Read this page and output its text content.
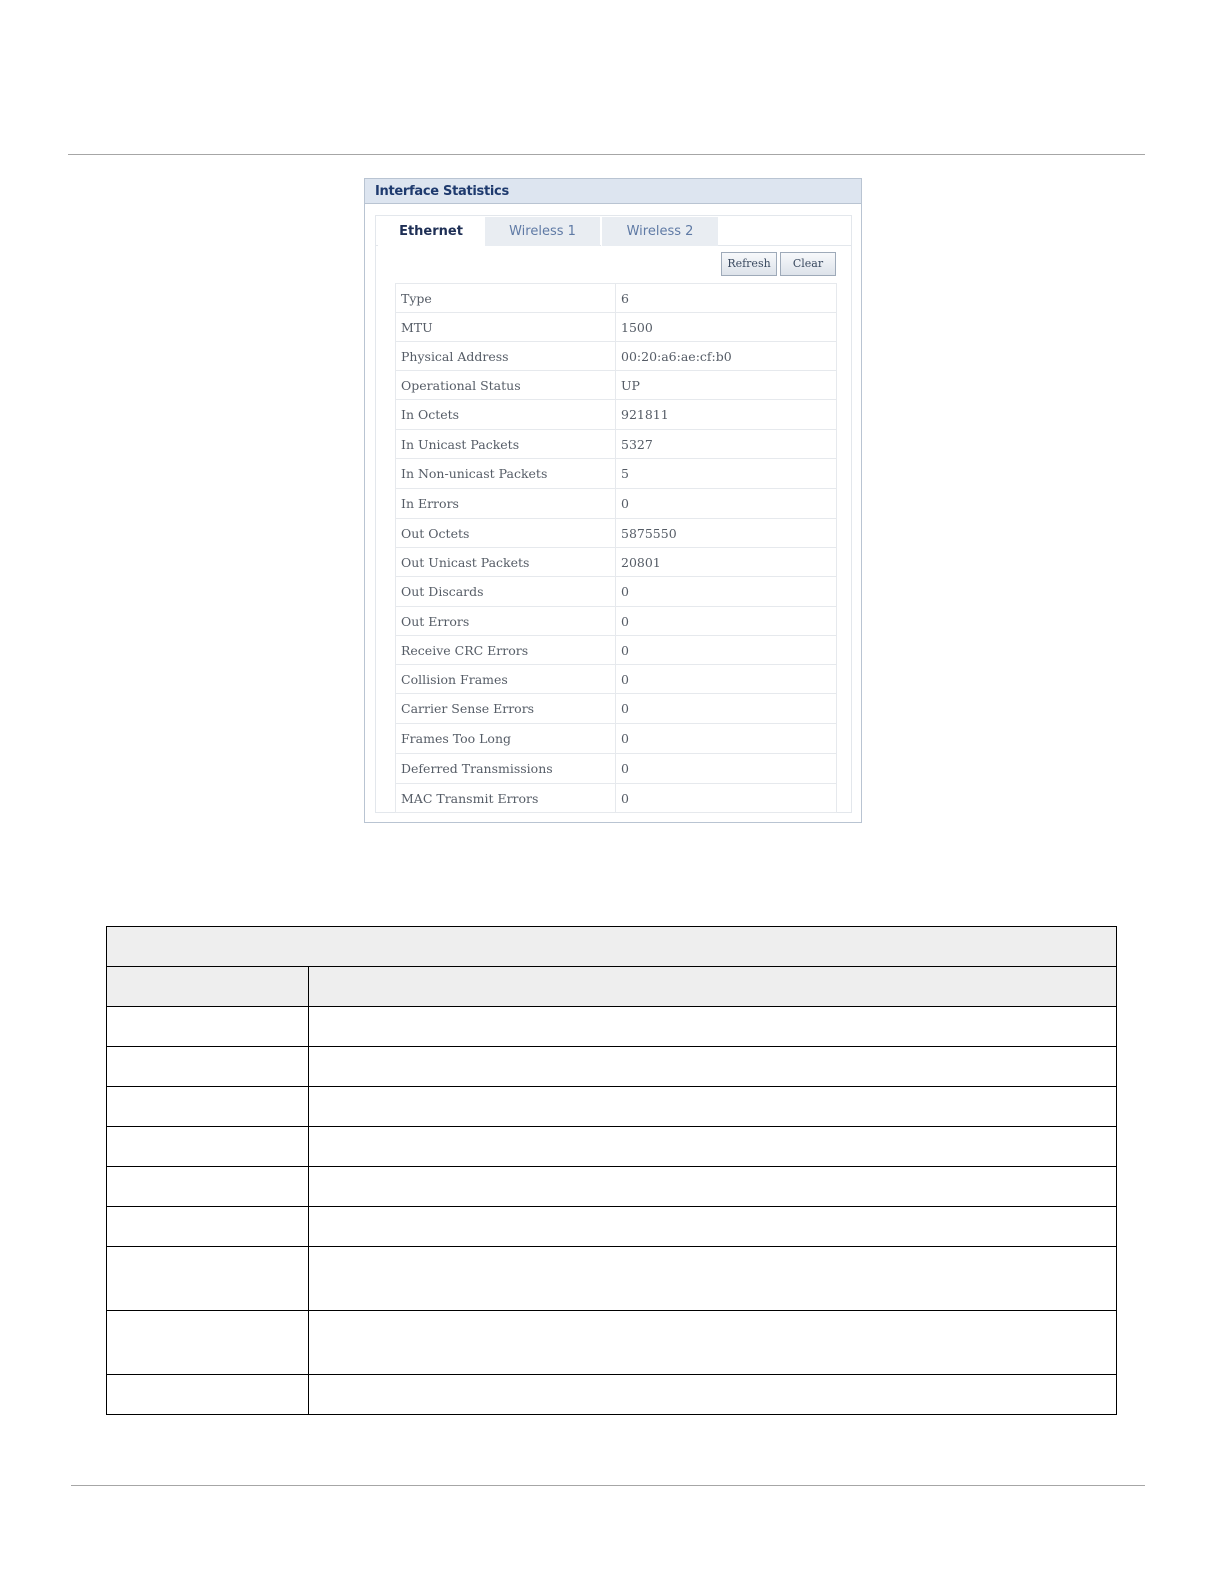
Interface Statistics
Ethernet	Wireless 1	Wireless 2
Refresh	Clear
Type	6
MTU	1500
Physical Address	00:20:a6:ae:cf:b0
Operational Status	UP
In Octets	921811
In Unicast Packets	5327
In Non-unicast Packets	5
In Errors	0
Out Octets	5875550
Out Unicast Packets	20801
Out Discards	0
Out Errors	0
Receive CRC Errors	0
Collision Frames	0
Carrier Sense Errors	0
Frames Too Long	0
Deferred Transmissions	0
MAC Transmit Errors	0
